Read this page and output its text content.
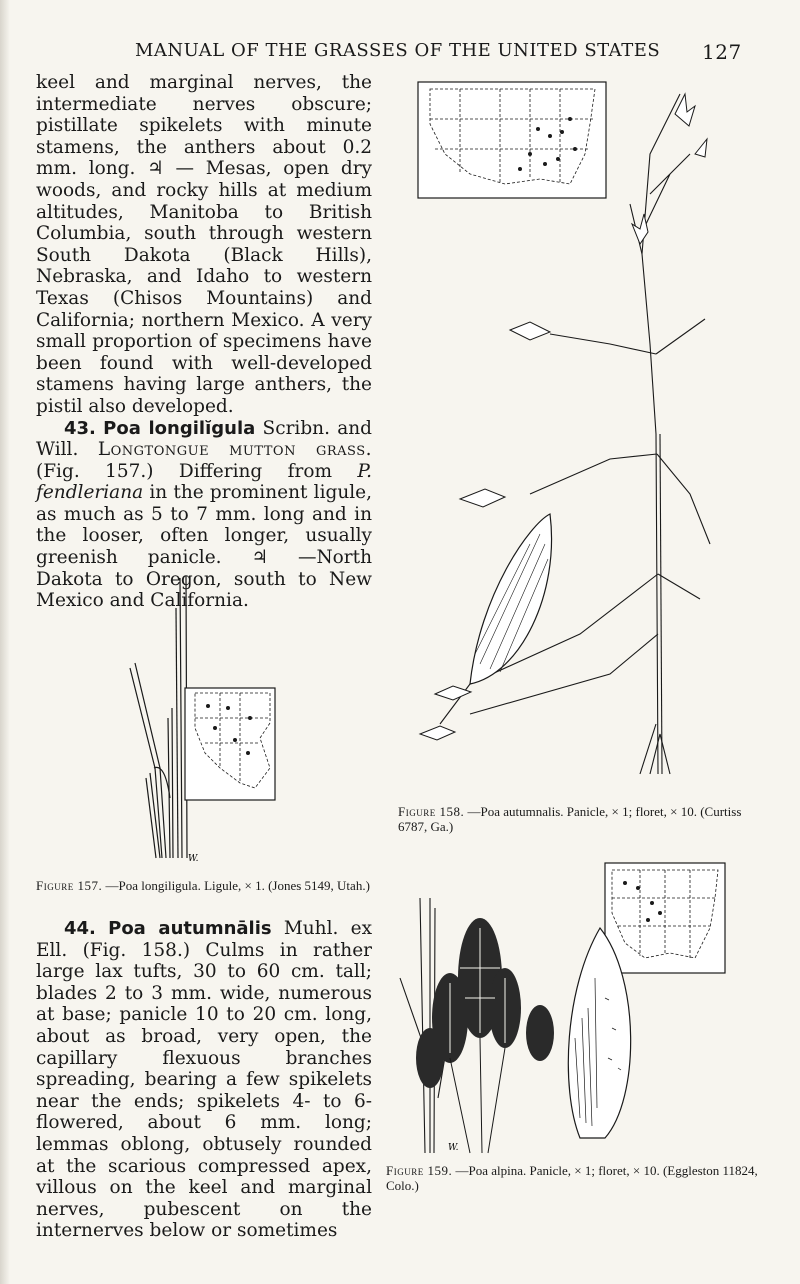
MANUAL OF THE GRASSES OF THE UNITED STATES 127

keel and marginal nerves, the intermediate nerves obscure; pistillate spikelets with minute stamens, the anthers about 0.2 mm. long. ♃ — Mesas, open dry woods, and rocky hills at medium altitudes, Manitoba to British Columbia, south through western South Dakota (Black Hills), Nebraska, and Idaho to western Texas (Chisos Mountains) and California; northern Mexico. A very small proportion of specimens have been found with well-developed stamens having large anthers, the pistil also developed.

43. Poa longilĭgula Scribn. and Will. Longtongue mutton grass. (Fig. 157.) Differing from P. fendleriana in the prominent ligule, as much as 5 to 7 mm. long and in the looser, often longer, usually greenish panicle. ♃ —North Dakota to Oregon, south to New Mexico and California.

W.
Figure 157. —Poa longiligula. Ligule, × 1. (Jones 5149, Utah.)

44. Poa autumnālis Muhl. ex Ell. (Fig. 158.) Culms in rather large lax tufts, 30 to 60 cm. tall; blades 2 to 3 mm. wide, numerous at base; panicle 10 to 20 cm. long, about as broad, very open, the capillary flexuous branches spreading, bearing a few spikelets near the ends; spikelets 4- to 6-flowered, about 6 mm. long; lemmas oblong, obtusely rounded at the scarious compressed apex, villous on the keel and marginal nerves, pubescent on the internerves below or sometimes

Figure 158. —Poa autumnalis. Panicle, × 1; floret, × 10. (Curtiss 6787, Ga.)
W.
Figure 159. —Poa alpina. Panicle, × 1; floret, × 10. (Eggleston 11824, Colo.)
